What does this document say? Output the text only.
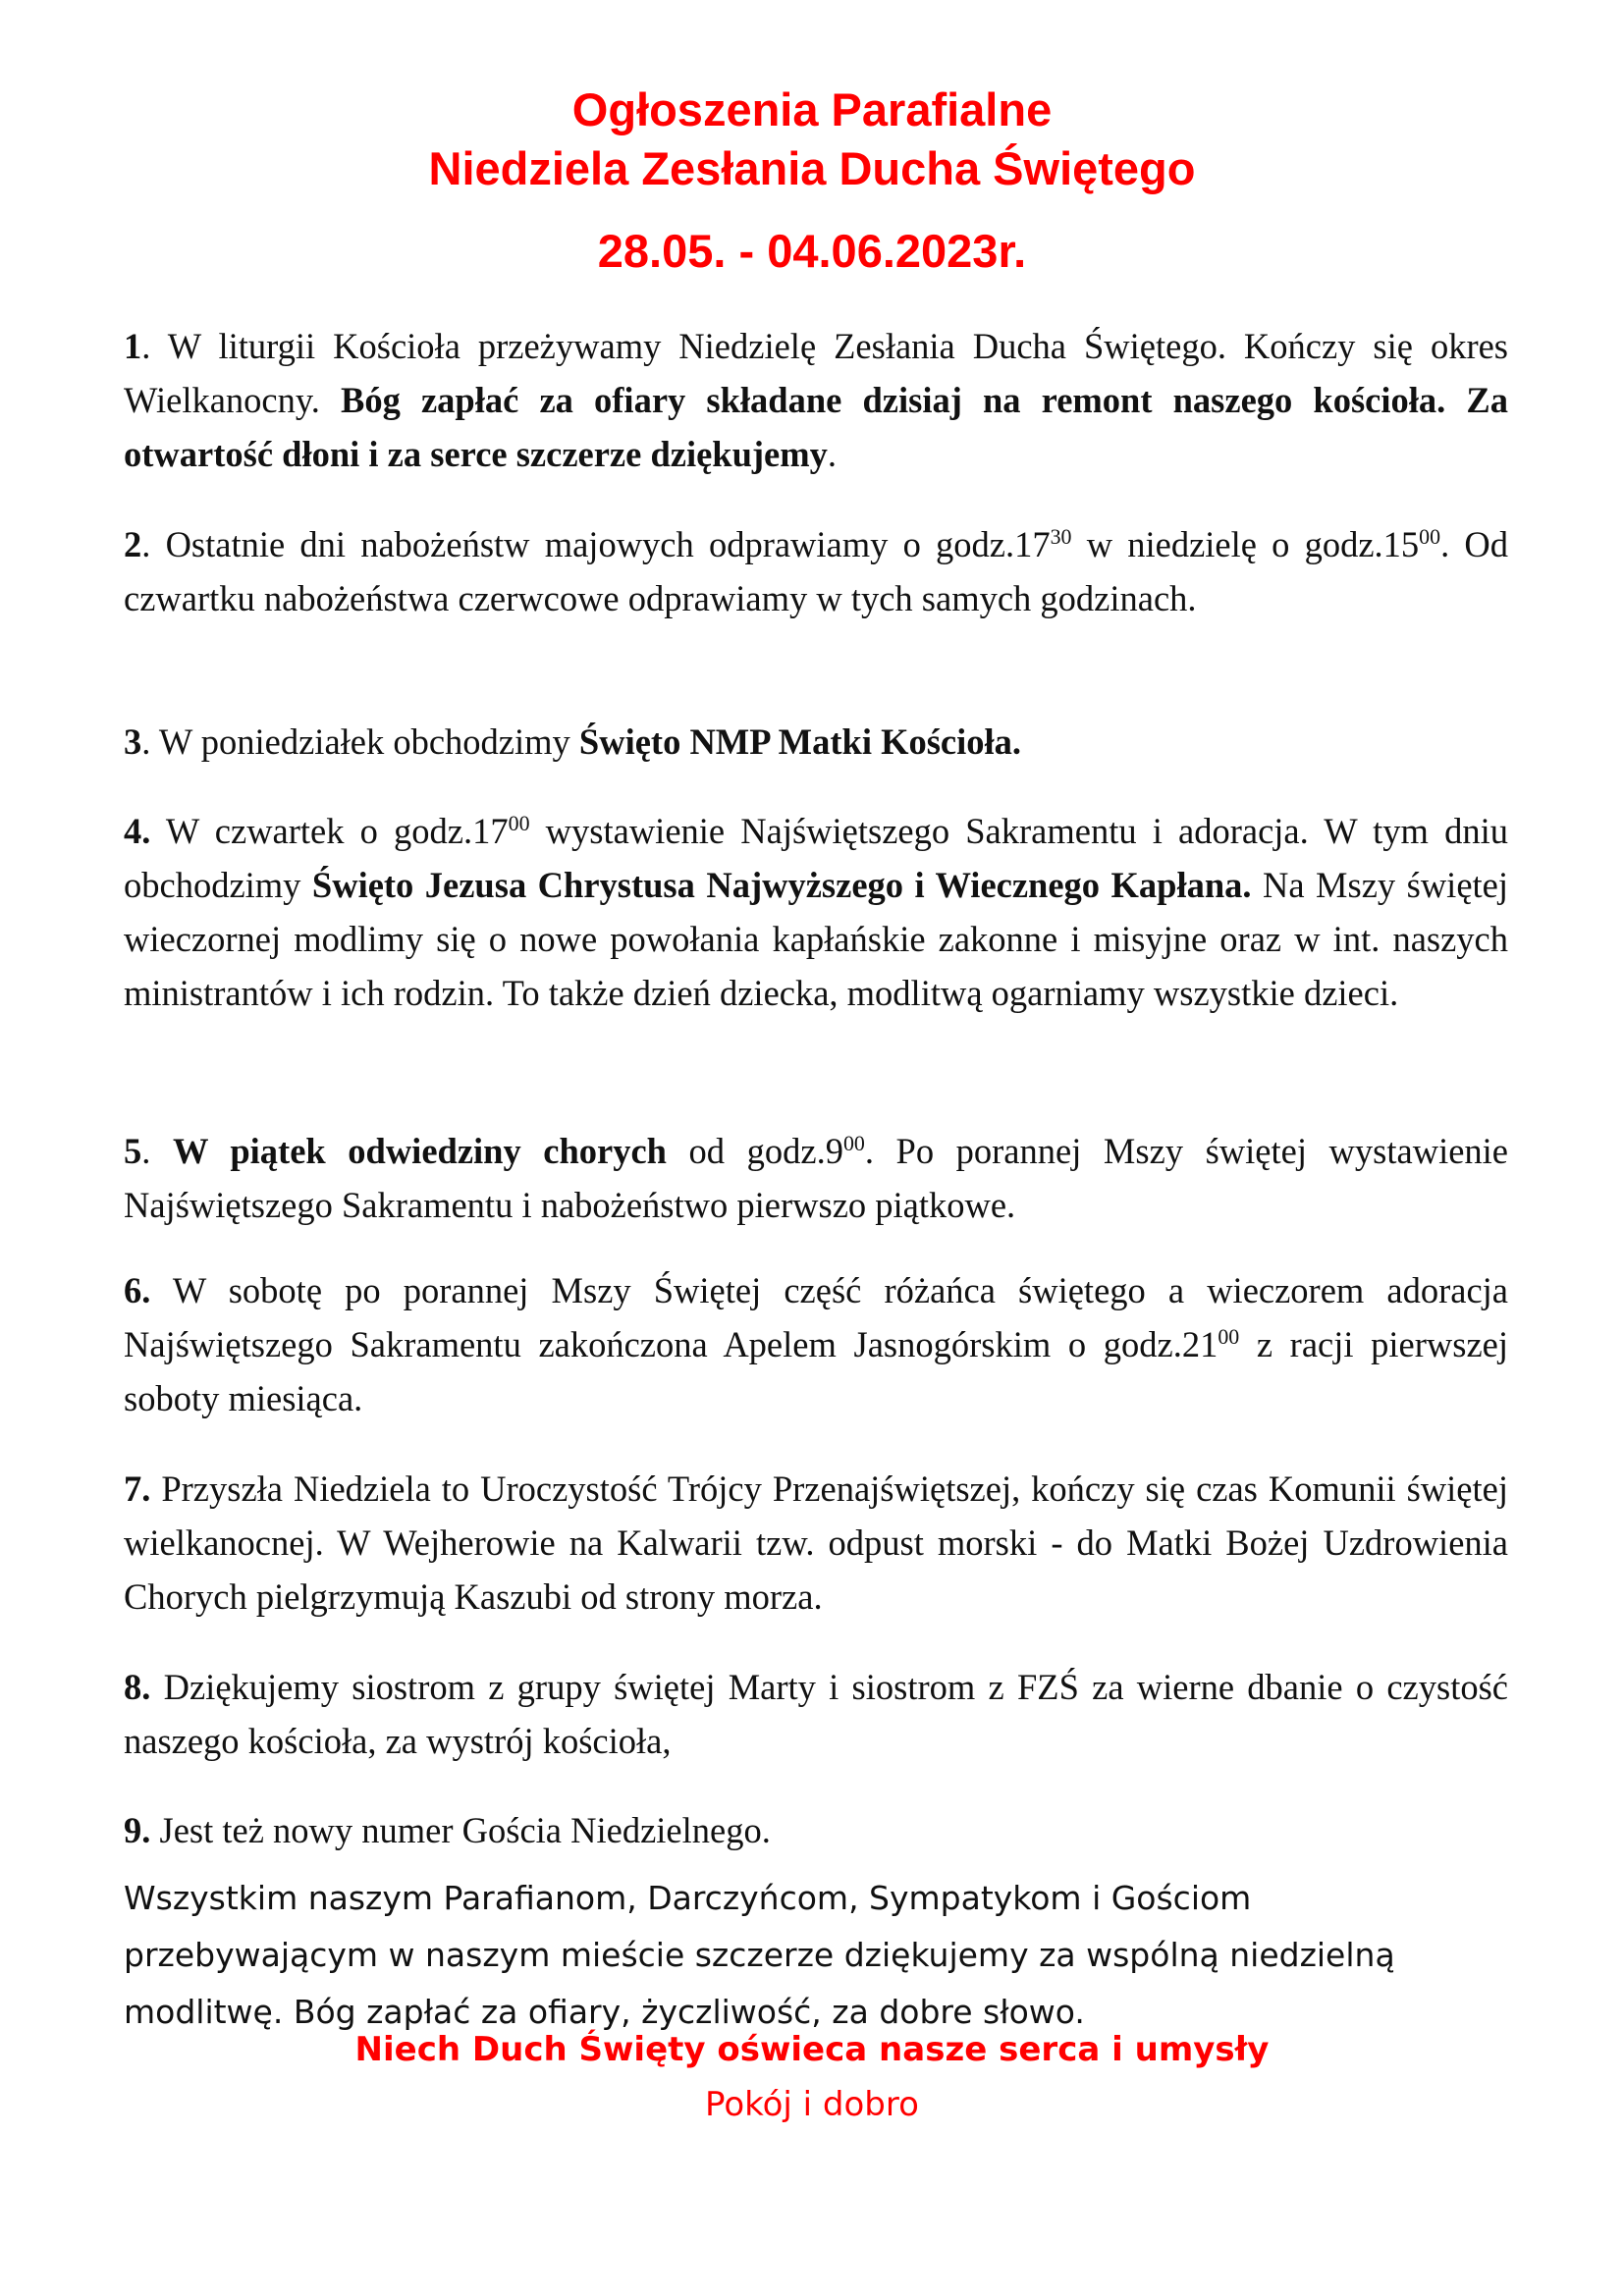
Ogłoszenia Parafialne
Niedziela Zesłania Ducha Świętego
28.05. - 04.06.2023r.

1. W liturgii Kościoła przeżywamy Niedzielę Zesłania Ducha Świętego. Kończy się okres Wielkanocny. Bóg zapłać za ofiary składane dzisiaj na remont naszego kościoła. Za otwartość dłoni i za serce szczerze dziękujemy.

2. Ostatnie dni nabożeństw majowych odprawiamy o $godz.17^{30}$ w niedzielę o $godz.15^{00}$. Od czwartku nabożeństwa czerwcowe odprawiamy w tych samych godzinach.

3. W poniedziałek obchodzimy Święto NMP Matki Kościoła.

4. W czwartek o $godz.17^{00}$ wystawienie Najświętszego Sakramentu i adoracja. W tym dniu obchodzimy Święto Jezusa Chrystusa Najwyższego i Wiecznego Kapłana. Na Mszy świętej wieczornej modlimy się o nowe powołania kapłańskie zakonne i misyjne oraz w int. naszych ministrantów i ich rodzin. To także dzień dziecka, modlitwą ogarniamy wszystkie dzieci.

5. W piątek odwiedziny chorych od $godz.9^{00}$. Po porannej Mszy świętej wystawienie Najświętszego Sakramentu i nabożeństwo pierwszo piątkowe.

6. W sobotę po porannej Mszy Świętej część różańca świętego a wieczorem adoracja Najświętszego Sakramentu zakończona Apelem Jasnogórskim o $godz.21^{00}$ z racji pierwszej soboty miesiąca.

7. Przyszła Niedziela to Uroczystość Trójcy Przenajświętszej, kończy się czas Komunii świętej wielkanocnej. W Wejherowie na Kalwarii tzw. odpust morski - do Matki Bożej Uzdrowienia Chorych pielgrzymują Kaszubi od strony morza.

8. Dziękujemy siostrom z grupy świętej Marty i siostrom z FZŚ za wierne dbanie o czystość naszego kościoła, za wystrój kościoła,

9. Jest też nowy numer Gościa Niedzielnego.

Wszystkim naszym Parafianom, Darczyńcom, Sympatykom i Gościom
przebywającym w naszym mieście szczerze dziękujemy za wspólną niedzielną
modlitwę. Bóg zapłać za ofiary, życzliwość, za dobre słowo.
Niech Duch Święty oświeca nasze serca i umysły
Pokój i dobro
